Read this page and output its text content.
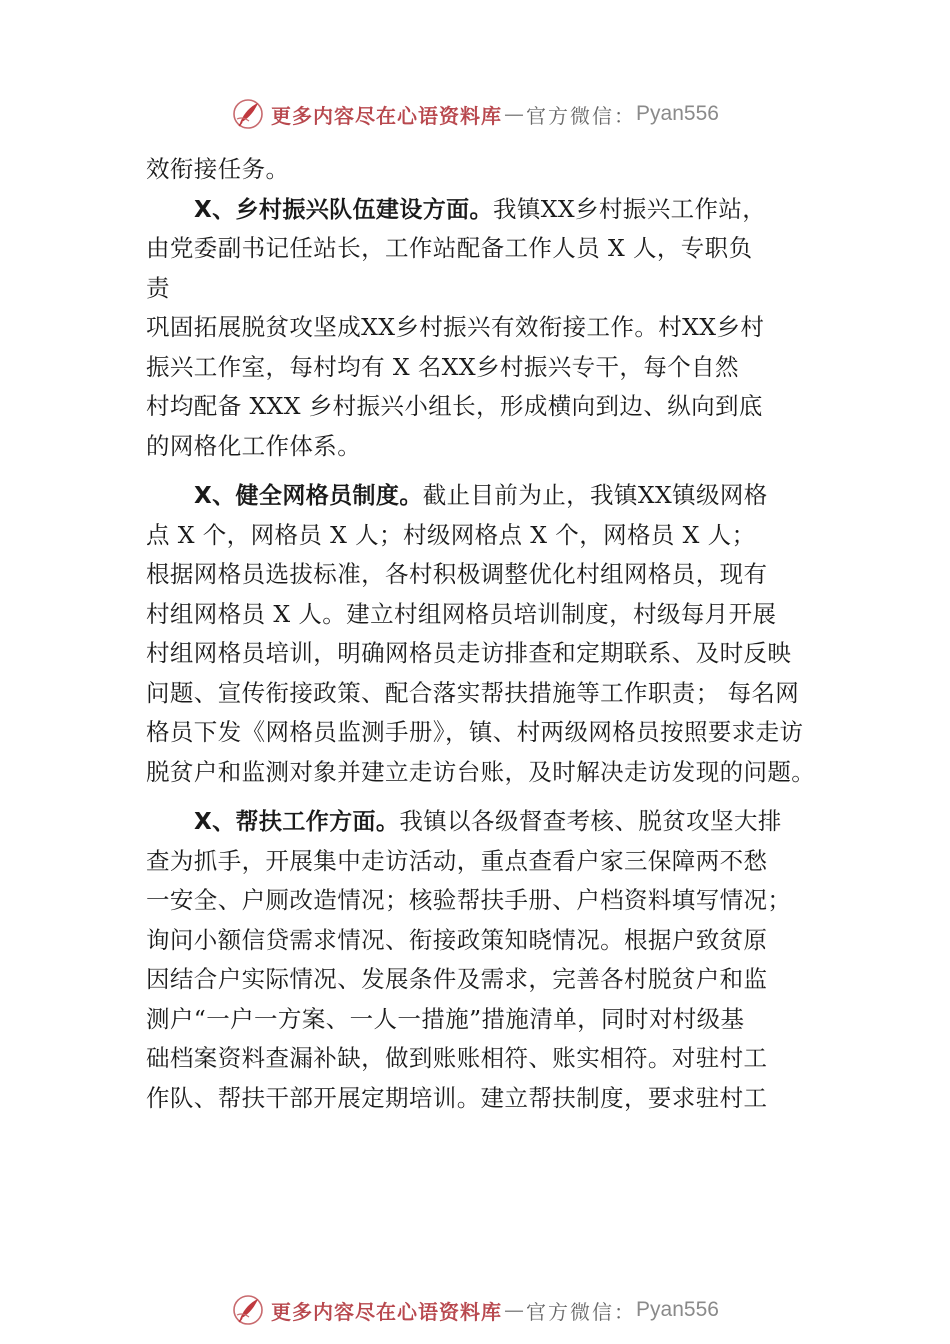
更多内容尽在心语资料库 — 官方微信： Pyan556
效衔接任务。
X、乡村振兴队伍建设方面。我镇XX乡村振兴工作站，
由党委副书记任站长，工作站配备工作人员 X 人，专职负
责
巩固拓展脱贫攻坚成XX乡村振兴有效衔接工作。村XX乡村
振兴工作室，每村均有 X 名XX乡村振兴专干，每个自然
村均配备 XXX 乡村振兴小组长，形成横向到边、纵向到底
的网格化工作体系。
X、健全网格员制度。截止目前为止，我镇XX镇级网格
点 X 个，网格员 X 人；村级网格点 X 个，网格员 X 人；
根据网格员选拔标准，各村积极调整优化村组网格员，现有
村组网格员 X 人。建立村组网格员培训制度，村级每月开展
村组网格员培训，明确网格员走访排查和定期联系、及时反映
问题、宣传衔接政策、配合落实帮扶措施等工作职责； 每名网
格员下发《网格员监测手册》，镇、村两级网格员按照要求走访
脱贫户和监测对象并建立走访台账，及时解决走访发现的问题。
X、帮扶工作方面。我镇以各级督查考核、脱贫攻坚大排
查为抓手，开展集中走访活动，重点查看户家三保障两不愁
一安全、户厕改造情况；核验帮扶手册、户档资料填写情况；
询问小额信贷需求情况、衔接政策知晓情况。根据户致贫原
因结合户实际情况、发展条件及需求，完善各村脱贫户和监
测户“一户一方案、一人一措施”措施清单，同时对村级基
础档案资料查漏补缺，做到账账相符、账实相符。对驻村工
作队、帮扶干部开展定期培训。建立帮扶制度，要求驻村工
更多内容尽在心语资料库 — 官方微信： Pyan556
